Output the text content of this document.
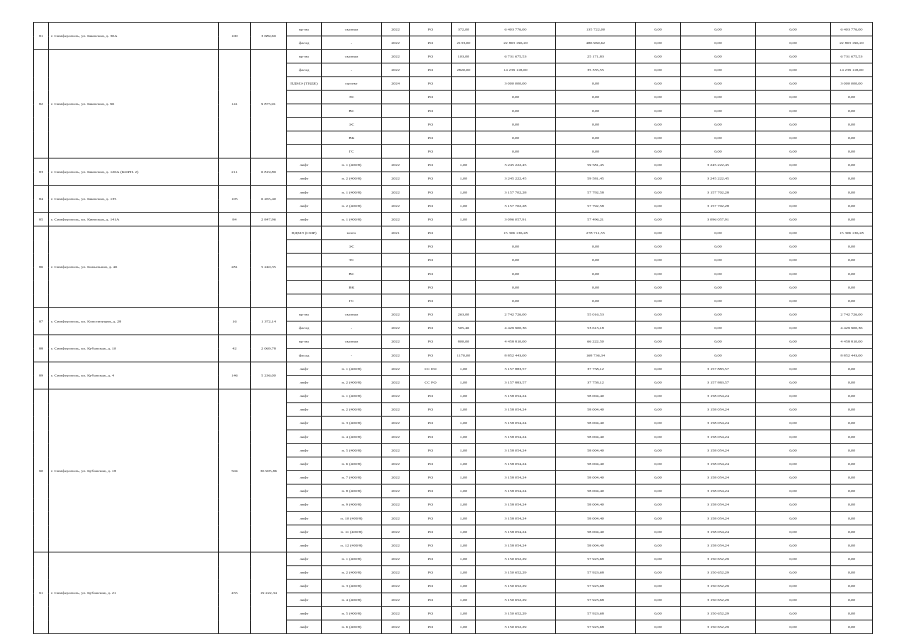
81	г. Симферополь, ул. Киевская, д. 30А	100	3 689,69	кр-ма	скатная	2022	РО	372,00	6 403 776,00	135 722,00	0,00	0,00	0,00	6 403 776,00
				фасад	-	2022	РО	2133,00	22 893 196,20	486 960,62	0,00	0,00	0,00	22 893 196,20
82	г. Симферополь, ул. Киевская, д. 96	141	9 875,91	кр-ма	скатная	2022	РО	103,00	6 731 675,53	25 171,83	0,00	0,00	0,00	6 731 675,53
				фасад	-	2022	РО	2820,00	14 239 118,00	35 335,55	0,00	0,00	0,00	14 239 118,00
				ПДМЭ (ТИДЕ)	проект	2024	РО		3 000 000,00	0,00	0,00	0,00	0,00	3 000 000,00
					ЭС		РО		0,00	0,00	0,00	0,00	0,00	0,00
					ВС		РО		0,00	0,00	0,00	0,00	0,00	0,00
					ЭС		РО		0,00	0,00	0,00	0,00	0,00	0,00
					ВК		РО		0,00	0,00	0,00	0,00	0,00	0,00
					ГС		РО		0,00	0,00	0,00	0,00	0,00	0,00
83	г. Симферополь, ул. Киевская, д. 120А (КОРП. 2)	211	6 819,89	лифт	п. 1 (400/8)	2022	РО	1,00	3 245 222,45	59 581,45	0,00	3 245 222,45	0,00	0,00
				лифт	п. 2 (400/8)	2022	РО	1,00	3 245 222,45	59 581,45	0,00	3 245 222,45	0,00	0,00
84	г. Симферополь, ул. Киевская, д. 135	105	6 265,40	лифт	п. 1 (400/8)	2022	РО	1,00	3 157 702,28	57 792,58	0,00	3 157 702,28	0,00	0,00
				лифт	п. 2 (400/8)	2022	РО	1,00	3 157 702,28	57 792,58	0,00	3 157 702,28	0,00	0,00
85	г. Симферополь, ул. Киевская, д. 141А	84	2 847,96	лифт	п. 1 (400/8)	2022	РО	1,00	3 096 057,91	57 496,21	0,00	3 096 057,91	0,00	0,00
86	г. Симферополь, ул. Ковыльная, д. 46	281	5 240,35	ПДМЭ (СМР)	всего	2021	РО		15 306 136,28	278 711,55	0,00	0,00	0,00	15 306 136,28
					ЭС		РО		0,00	0,00	0,00	0,00	0,00	0,00
					ТС		РО		0,00	0,00	0,00	0,00	0,00	0,00
					ВС		РО		0,00	0,00	0,00	0,00	0,00	0,00
					ВК		РО		0,00	0,00	0,00	0,00	0,00	0,00
					ГС		РО		0,00	0,00	0,00	0,00	0,00	0,00
87	г. Симферополь, ул. Конституции, д. 28	16	1 372,14	кр-ма	скатная	2022	РО	263,00	2 742 726,00	55 016,53	0,00	0,00	0,00	2 742 726,00
				фасад	-	2022	РО	505,46	4 429 900,36	53 613,18	0,00	0,00	0,00	4 429 900,36
88	г. Симферополь, ул. Кубанская, д. 10	42	2 069,78	кр-ма	скатная	2022	РО	800,00	4 458 810,00	66 222,50	0,00	0,00	0,00	4 458 810,00
				фасад	-	2022	РО	1170,00	8 852 443,00	168 736,34	0,00	0,00	0,00	8 852 443,00
89	г. Симферополь, ул. Кубанская, д. 4	146	5 236,00	лифт	п. 1 (400/8)	2022	СС РО	1,00	3 157 883,57	37 758,12	0,00	3 157 883,57	0,00	0,00
				лифт	п. 2 (400/8)	2022	СС РО	1,00	3 157 883,57	37 758,12	0,00	3 157 883,57	0,00	0,00
90	г. Симферополь, ул. Кубанская, д. 18	504	36 905,86	лифт	п. 1 (400/8)	2022	РО	1,00	3 158 054,24	58 004,40	0,00	3 158 054,24	0,00	0,00
				лифт	п. 2 (400/8)	2022	РО	1,00	3 158 054,24	58 004,40	0,00	3 158 054,24	0,00	0,00
				лифт	п. 3 (400/8)	2022	РО	1,00	3 158 054,24	58 004,40	0,00	3 158 054,24	0,00	0,00
				лифт	п. 4 (400/8)	2022	РО	1,00	3 158 054,24	58 004,40	0,00	3 158 054,24	0,00	0,00
				лифт	п. 5 (400/8)	2022	РО	1,00	3 158 054,24	58 004,40	0,00	3 158 054,24	0,00	0,00
				лифт	п. 6 (400/8)	2022	РО	1,00	3 158 054,24	58 004,40	0,00	3 158 054,24	0,00	0,00
				лифт	п. 7 (400/8)	2022	РО	1,00	3 158 054,24	58 004,40	0,00	3 158 054,24	0,00	0,00
				лифт	п. 8 (400/8)	2022	РО	1,00	3 158 054,24	58 004,40	0,00	3 158 054,24	0,00	0,00
				лифт	п. 9 (400/8)	2022	РО	1,00	3 158 054,24	58 004,40	0,00	3 158 054,24	0,00	0,00
				лифт	п. 10 (400/8)	2022	РО	1,00	3 158 054,24	58 004,40	0,00	3 158 054,24	0,00	0,00
				лифт	п. 11 (400/8)	2022	РО	1,00	3 158 054,24	58 004,40	0,00	3 158 054,24	0,00	0,00
				лифт	п. 12 (400/8)	2022	РО	1,00	3 158 054,24	58 004,40	0,00	3 158 054,24	0,00	0,00
91	г. Симферополь, ул. Кубанская, д. 21	455	19 222,34	лифт	п. 1 (400/8)	2022	РО	1,00	3 150 652,29	57 923,68	0,00	3 150 652,29	0,00	0,00
				лифт	п. 2 (400/8)	2022	РО	1,00	3 150 652,29	57 923,68	0,00	3 150 652,29	0,00	0,00
				лифт	п. 3 (400/8)	2022	РО	1,00	3 150 652,29	57 923,68	0,00	3 150 652,29	0,00	0,00
				лифт	п. 4 (400/8)	2022	РО	1,00	3 150 652,29	57 923,68	0,00	3 150 652,29	0,00	0,00
				лифт	п. 5 (400/8)	2022	РО	1,00	3 150 652,29	57 923,68	0,00	3 150 652,29	0,00	0,00
				лифт	п. 6 (400/8)	2022	РО	1,00	3 150 652,29	57 923,68	0,00	3 150 652,29	0,00	0,00
